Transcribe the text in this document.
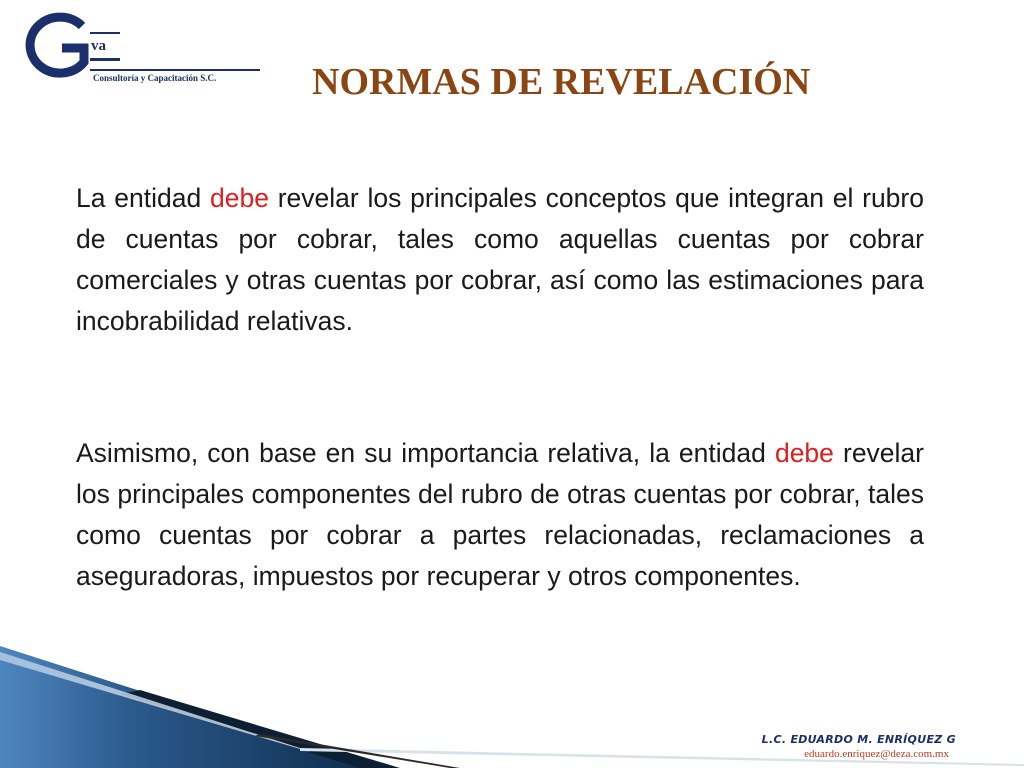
va
Consultoría y Capacitación S.C.	NORMAS DE REVELACIÓN

La entidad debe revelar los principales conceptos que integran el rubro de cuentas por cobrar, tales como aquellas cuentas por cobrar comerciales y otras cuentas por cobrar, así como las estimaciones para incobrabilidad relativas.

Asimismo, con base en su importancia relativa, la entidad debe revelar los principales componentes del rubro de otras cuentas por cobrar, tales como cuentas por cobrar a partes relacionadas, reclamaciones a aseguradoras, impuestos por recuperar y otros componentes.

L.C. EDUARDO M. ENRÍQUEZ G
eduardo.enriquez@deza.com.mx
